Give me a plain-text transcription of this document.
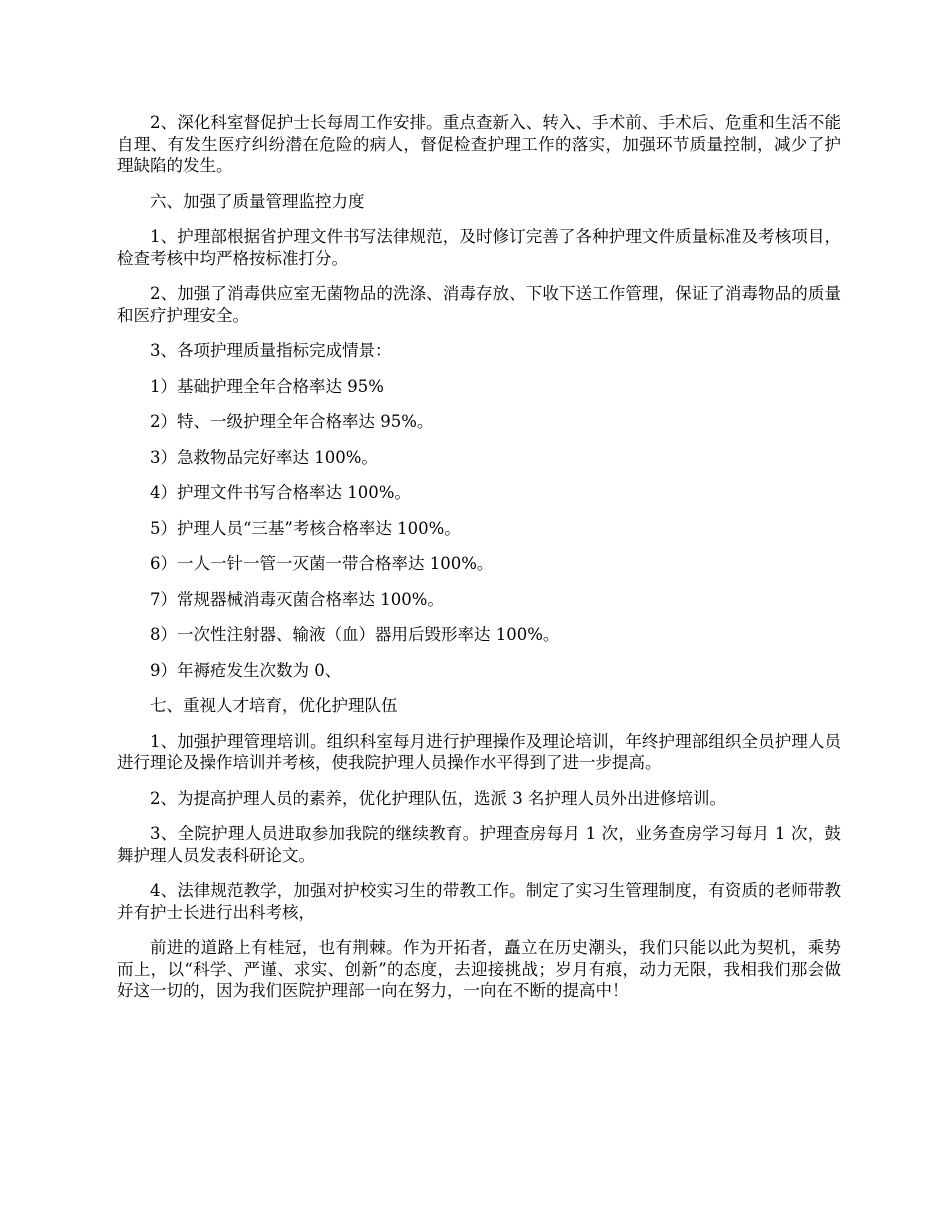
2、深化科室督促护士长每周工作安排。重点查新入、转入、手术前、手术后、危重和生活不能自理、有发生医疗纠纷潜在危险的病人，督促检查护理工作的落实，加强环节质量控制，减少了护理缺陷的发生。

六、加强了质量管理监控力度

1、护理部根据省护理文件书写法律规范，及时修订完善了各种护理文件质量标准及考核项目，检查考核中均严格按标准打分。

2、加强了消毒供应室无菌物品的洗涤、消毒存放、下收下送工作管理，保证了消毒物品的质量和医疗护理安全。

3、各项护理质量指标完成情景：

1）基础护理全年合格率达 95%

2）特、一级护理全年合格率达 95%。

3）急救物品完好率达 100%。

4）护理文件书写合格率达 100%。

5）护理人员“三基”考核合格率达 100%。

6）一人一针一管一灭菌一带合格率达 100%。

7）常规器械消毒灭菌合格率达 100%。

8）一次性注射器、输液（血）器用后毁形率达 100%。

9）年褥疮发生次数为 0、

七、重视人才培育，优化护理队伍

1、加强护理管理培训。组织科室每月进行护理操作及理论培训，年终护理部组织全员护理人员进行理论及操作培训并考核，使我院护理人员操作水平得到了进一步提高。

2、为提高护理人员的素养，优化护理队伍，选派 3 名护理人员外出进修培训。

3、全院护理人员进取参加我院的继续教育。护理查房每月 1 次，业务查房学习每月 1 次，鼓舞护理人员发表科研论文。

4、法律规范教学，加强对护校实习生的带教工作。制定了实习生管理制度，有资质的老师带教并有护士长进行出科考核，

前进的道路上有桂冠，也有荆棘。作为开拓者，矗立在历史潮头，我们只能以此为契机，乘势而上，以“科学、严谨、求实、创新”的态度，去迎接挑战；岁月有痕，动力无限，我相我们那会做好这一切的，因为我们医院护理部一向在努力，一向在不断的提高中！
